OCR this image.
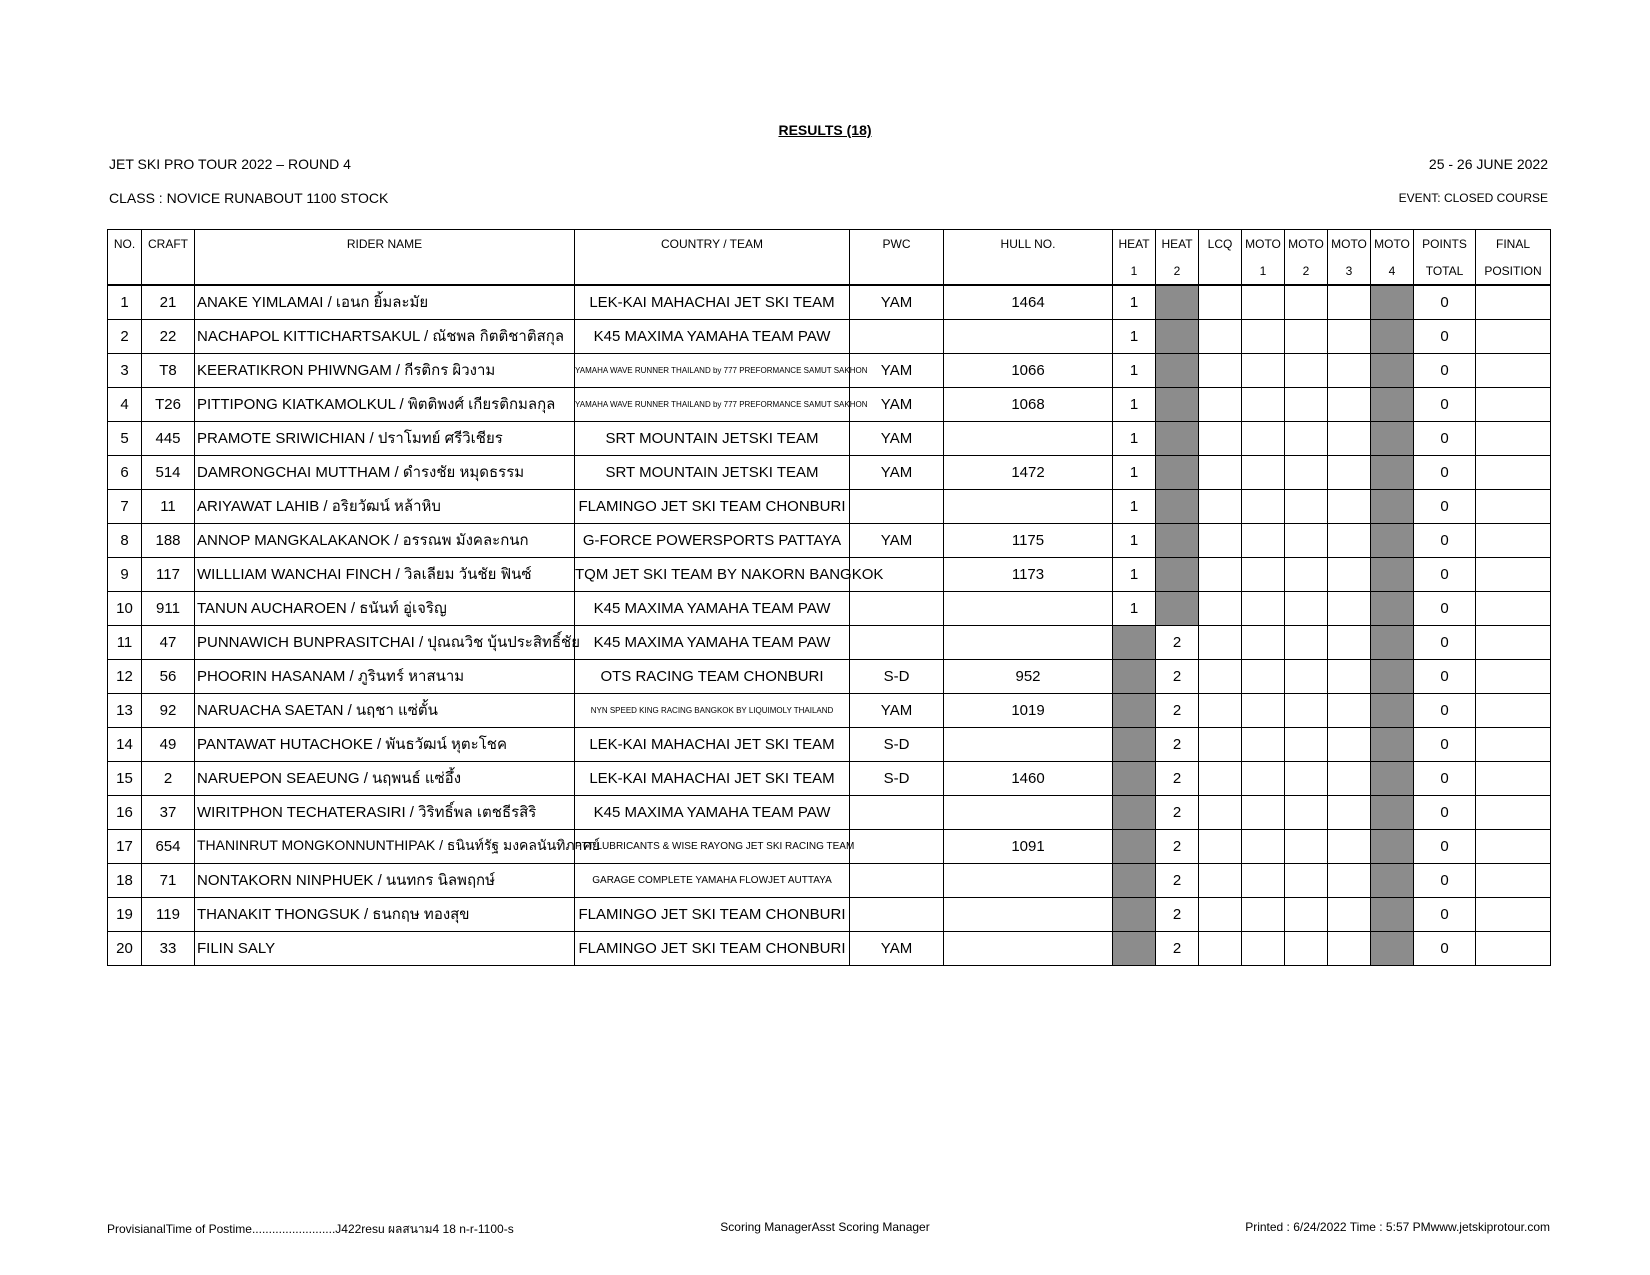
RESULTS (18)
JET SKI PRO TOUR 2022 – ROUND 4
CLASS : NOVICE RUNABOUT 1100 STOCK
25 - 26 JUNE 2022
EVENT: CLOSED COURSE
NO.	CRAFT	RIDER NAME	COUNTRY / TEAM	PWC	HULL NO.	HEAT	HEAT	LCQ	MOTO	MOTO	MOTO	MOTO	POINTS	FINAL
						1	2		1	2	3	4	TOTAL	POSITION
1	21	ANAKE YIMLAMAI / เอนก ยิ้มละมัย	LEK-KAI MAHACHAI JET SKI TEAM	YAM	1464	1							0	
2	22	NACHAPOL KITTICHARTSAKUL / ณัชพล กิตติชาติสกุล	K45 MAXIMA YAMAHA TEAM PAW			1							0	
3	T8	KEERATIKRON PHIWNGAM / กีรติกร ผิวงาม	YAMAHA WAVE RUNNER THAILAND by 777 PREFORMANCE SAMUT SAKHON	YAM	1066	1							0	
4	T26	PITTIPONG KIATKAMOLKUL / พิตติพงศ์ เกียรติกมลกุล	YAMAHA WAVE RUNNER THAILAND by 777 PREFORMANCE SAMUT SAKHON	YAM	1068	1							0	
5	445	PRAMOTE SRIWICHIAN / ปราโมทย์ ศรีวิเชียร	SRT MOUNTAIN JETSKI TEAM	YAM		1							0	
6	514	DAMRONGCHAI MUTTHAM / ดำรงชัย หมุดธรรม	SRT MOUNTAIN JETSKI TEAM	YAM	1472	1							0	
7	11	ARIYAWAT LAHIB / อริยวัฒน์ หล้าหิบ	FLAMINGO JET SKI TEAM CHONBURI			1							0	
8	188	ANNOP MANGKALAKANOK / อรรณพ มังคละกนก	G-FORCE POWERSPORTS PATTAYA	YAM	1175	1							0	
9	117	WILLLIAM WANCHAI FINCH / วิลเลียม วันชัย ฟินซ์	TQM JET SKI TEAM BY NAKORN BANGKOK		1173	1							0	
10	911	TANUN AUCHAROEN / ธนันท์ อู่เจริญ	K45 MAXIMA YAMAHA TEAM PAW			1							0	
11	47	PUNNAWICH BUNPRASITCHAI / ปุณณวิช บุ้นประสิทธิ์ชัย	K45 MAXIMA YAMAHA TEAM PAW				2						0	
12	56	PHOORIN HASANAM / ภูรินทร์ หาสนาม	OTS RACING TEAM CHONBURI	S-D	952		2						0	
13	92	NARUACHA SAETAN / นฤชา แซ่ตั้น	NYN SPEED KING RACING BANGKOK BY LIQUIMOLY THAILAND	YAM	1019		2						0	
14	49	PANTAWAT HUTACHOKE / พันธวัฒน์ หุตะโชค	LEK-KAI MAHACHAI JET SKI TEAM	S-D			2						0	
15	2	NARUEPON SEAEUNG / นฤพนธ์ แซ่อึ้ง	LEK-KAI MAHACHAI JET SKI TEAM	S-D	1460		2						0	
16	37	WIRITPHON TECHATERASIRI / วิริทธิ์พล เตชธีรสิริ	K45 MAXIMA YAMAHA TEAM PAW				2						0	
17	654	THANINRUT MONGKONNUNTHIPAK / ธนินท์รัฐ มงคลนันทิภาคย์	PTT LUBRICANTS & WISE RAYONG JET SKI RACING TEAM		1091		2						0	
18	71	NONTAKORN NINPHUEK / นนทกร นิลพฤกษ์	GARAGE COMPLETE YAMAHA FLOWJET AUTTAYA				2						0	
19	119	THANAKIT THONGSUK / ธนกฤษ ทองสุข	FLAMINGO JET SKI TEAM CHONBURI				2						0	
20	33	FILIN SALY	FLAMINGO JET SKI TEAM CHONBURI	YAM			2						0	
ProvisianalTime of Postime.........................J422resu ผลสนาม4 18 n-r-1100-s	Scoring ManagerAsst Scoring Manager	Printed : 6/24/2022 Time : 5:57 PMwww.jetskiprotour.com
